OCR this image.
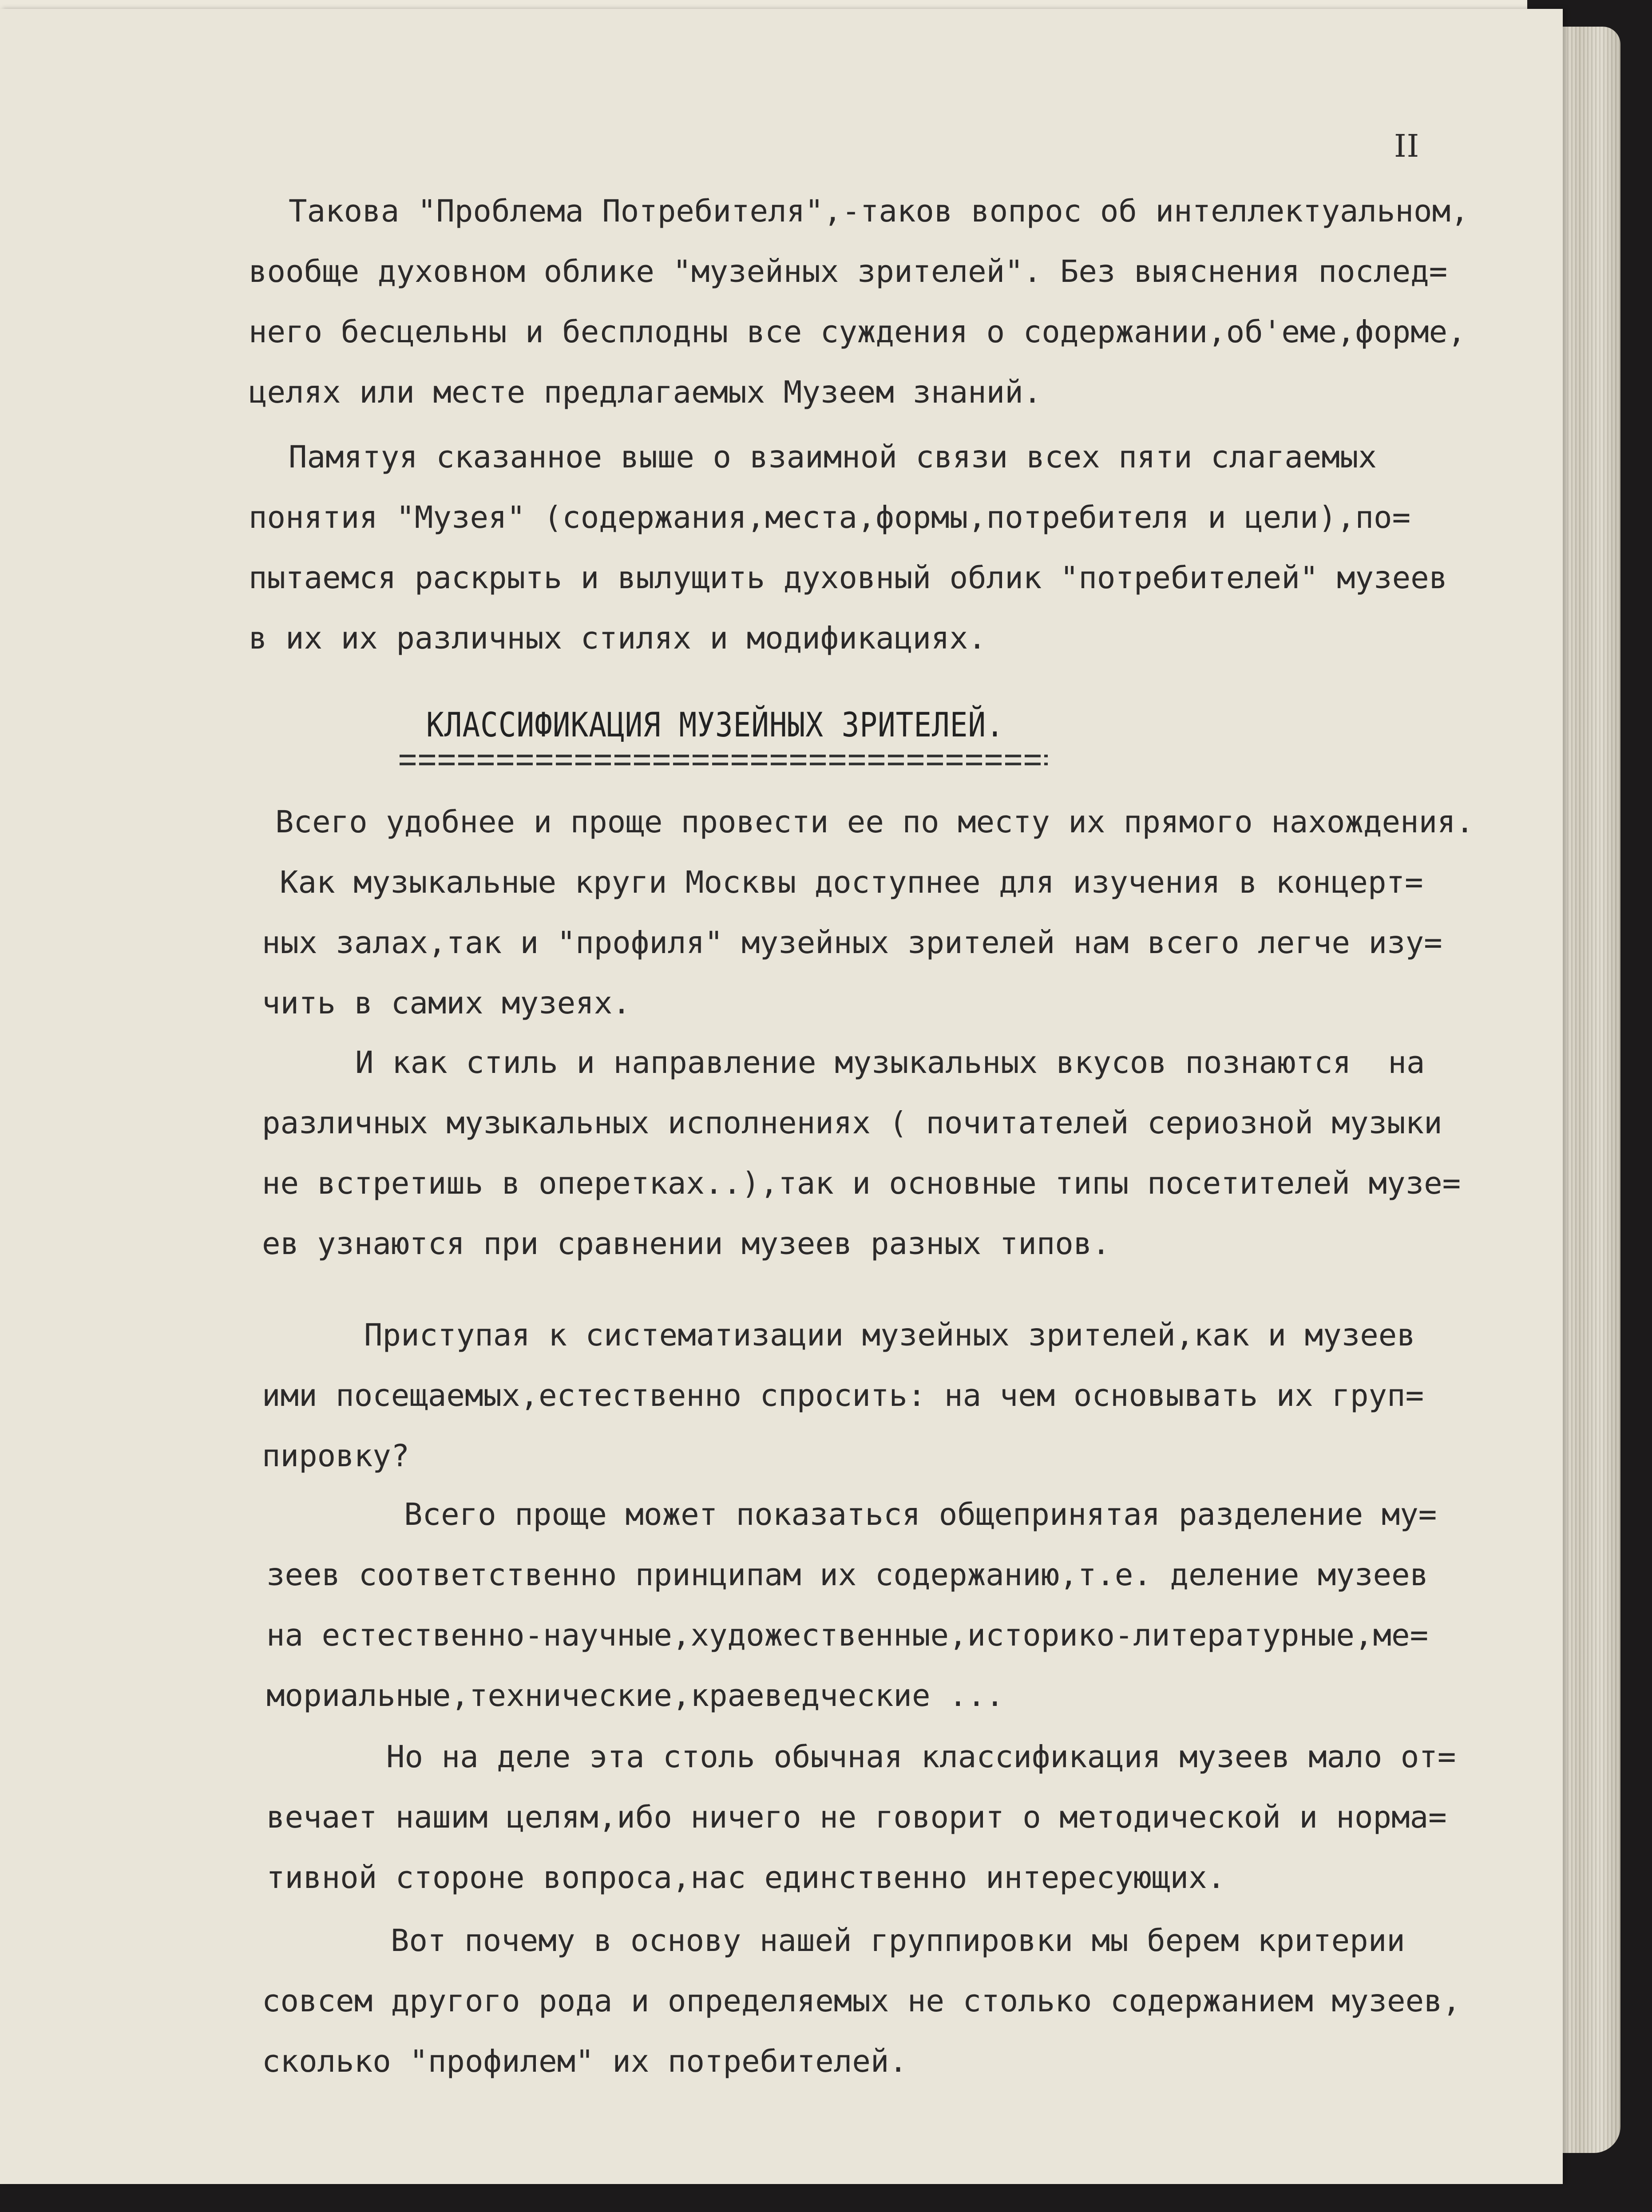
II
Такова "Проблема Потребителя",-таков вопрос об интеллектуальном,
вообще духовном облике "музейных зрителей". Без выяснения послед=
него бесцельны и бесплодны все суждения о содержании,об'еме,форме,
целях или месте предлагаемых Музеем знаний.
Памятуя сказанное выше о взаимной связи всех пяти слагаемых
понятия "Музея" (содержания,места,формы,потребителя и цели),по=
пытаемся раскрыть и вылущить духовный облик "потребителей" музеев
в их их различных стилях и модификациях.
КЛАССИФИКАЦИЯ МУЗЕЙНЫХ ЗРИТЕЛЕЙ.
Всего удобнее и проще провести ее по месту их прямого нахождения.
Как музыкальные круги Москвы доступнее для изучения в концерт=
ных залах,так и "профиля" музейных зрителей нам всего легче изу=
чить в самих музеях.
И как стиль и направление музыкальных вкусов познаются  на
различных музыкальных исполнениях ( почитателей сериозной музыки
не встретишь в оперетках..),так и основные типы посетителей музе=
ев узнаются при сравнении музеев разных типов.
Приступая к систематизации музейных зрителей,как и музеев
ими посещаемых,естественно спросить: на чем основывать их груп=
пировку?
Всего проще может показаться общепринятая разделение му=
зеев соответственно принципам их содержанию,т.е. деление музеев
на естественно-научные,художественные,историко-литературные,ме=
мориальные,технические,краеведческие ...
Но на деле эта столь обычная классификация музеев мало от=
вечает нашим целям,ибо ничего не говорит о методической и норма=
тивной стороне вопроса,нас единственно интересующих.
Вот почему в основу нашей группировки мы берем критерии
совсем другого рода и определяемых не столько содержанием музеев,
сколько "профилем" их потребителей.
